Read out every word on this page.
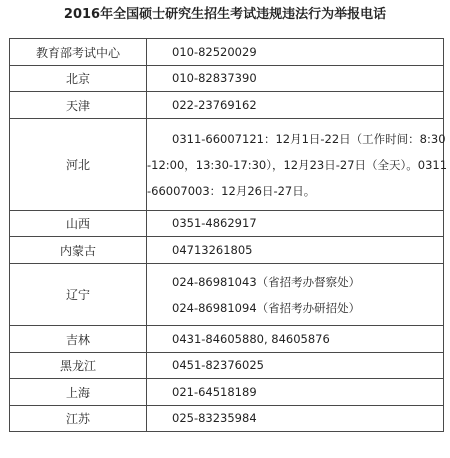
2016年全国硕士研究生招生考试违规违法行为举报电话
教育部考试中心	010-82520029

北京	010-82837390

天津	022-23769162

河北	0311-66007121：12月1日-22日（工作时间：8:30
-12:00，13:30-17:30），12月23日-27日（全天）。0311
-66007003：12月26日-27日。

山西	0351-4862917

内蒙古	04713261805

辽宁	024-86981043（省招考办督察处）
024-86981094（省招考办研招处）

吉林	0431-84605880, 84605876

黑龙江	0451-82376025

上海	021-64518189

江苏	025-83235984
